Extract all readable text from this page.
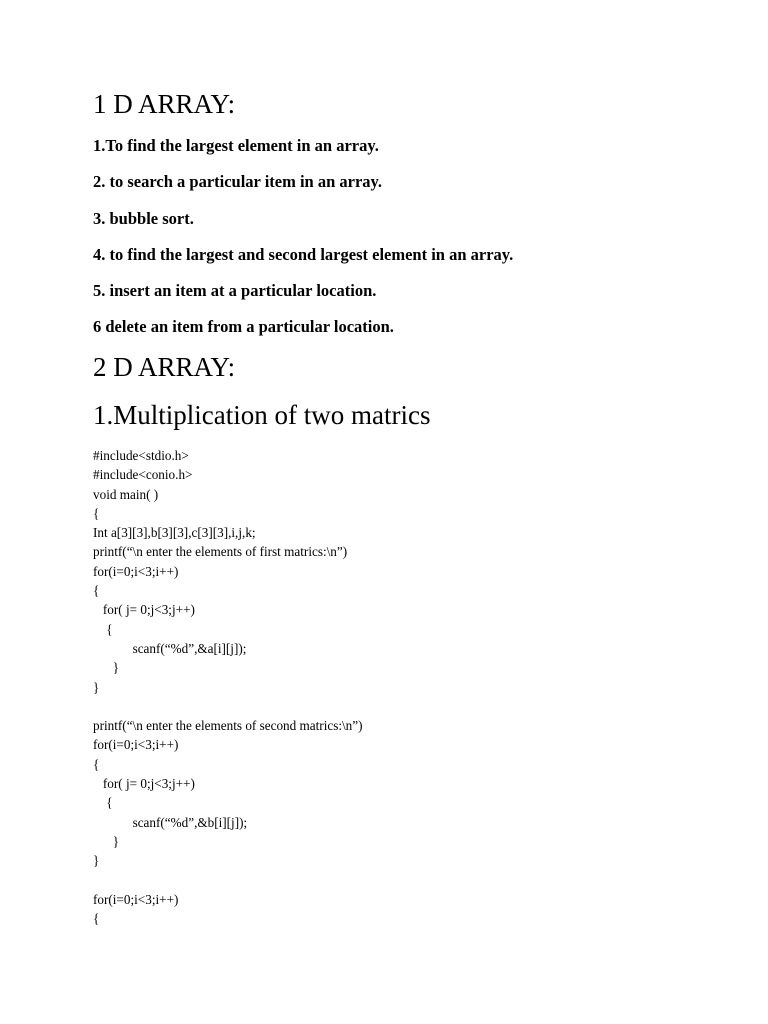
1 D ARRAY:
1.To find the largest element in an array.
2. to search a particular item in an array.
3. bubble sort.
4. to find the largest and second largest element in an array.
5. insert an item at a particular location.
6 delete an item from a particular location.
2 D ARRAY:
1.Multiplication of two matrics
#include<stdio.h>
#include<conio.h>
void main( )
{
Int a[3][3],b[3][3],c[3][3],i,j,k;
printf(“\n enter the elements of first matrics:\n”)
for(i=0;i<3;i++)
{
for( j= 0;j<3;j++)
{
scanf(“%d”,&a[i][j]);
}
}
printf(“\n enter the elements of second matrics:\n”)
for(i=0;i<3;i++)
{
for( j= 0;j<3;j++)
{
scanf(“%d”,&b[i][j]);
}
}
for(i=0;i<3;i++)
{
